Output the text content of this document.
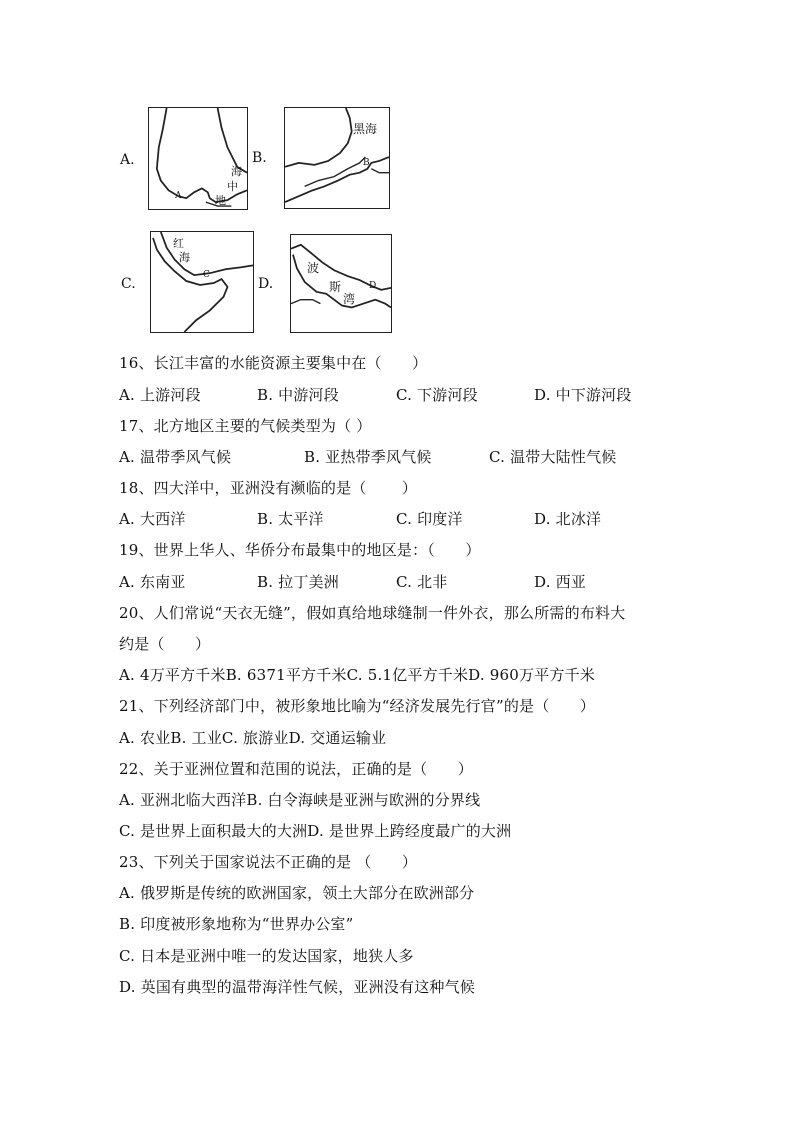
A.
海
中
地
A
B.
黑海
B
C.
红
海
C
D.
波
斯
湾
D
16、长江丰富的水能资源主要集中在（　　）
A. 上游河段	B. 中游河段	C. 下游河段	D. 中下游河段
17、北方地区主要的气候类型为（ ）
A. 温带季风气候	B. 亚热带季风气候	C. 温带大陆性气候
18、四大洋中，亚洲没有濒临的是（　　 ）
A. 大西洋	B. 太平洋	C. 印度洋	D. 北冰洋
19、世界上华人、华侨分布最集中的地区是：（　　）
A. 东南亚	B. 拉丁美洲	C. 北非	D. 西亚
20、人们常说“天衣无缝”，假如真给地球缝制一件外衣，那么所需的布料大
约是（　　）
A. 4万平方千米B. 6371平方千米C. 5.1亿平方千米D. 960万平方千米
21、下列经济部门中，被形象地比喻为“经济发展先行官”的是（　　）
A. 农业B. 工业C. 旅游业D. 交通运输业
22、关于亚洲位置和范围的说法，正确的是（　　）
A. 亚洲北临大西洋B. 白令海峡是亚洲与欧洲的分界线
C. 是世界上面积最大的大洲D. 是世界上跨经度最广的大洲
23、下列关于国家说法不正确的是 （　　）
A. 俄罗斯是传统的欧洲国家，领土大部分在欧洲部分
B. 印度被形象地称为“世界办公室”
C. 日本是亚洲中唯一的发达国家，地狭人多
D. 英国有典型的温带海洋性气候，亚洲没有这种气候
